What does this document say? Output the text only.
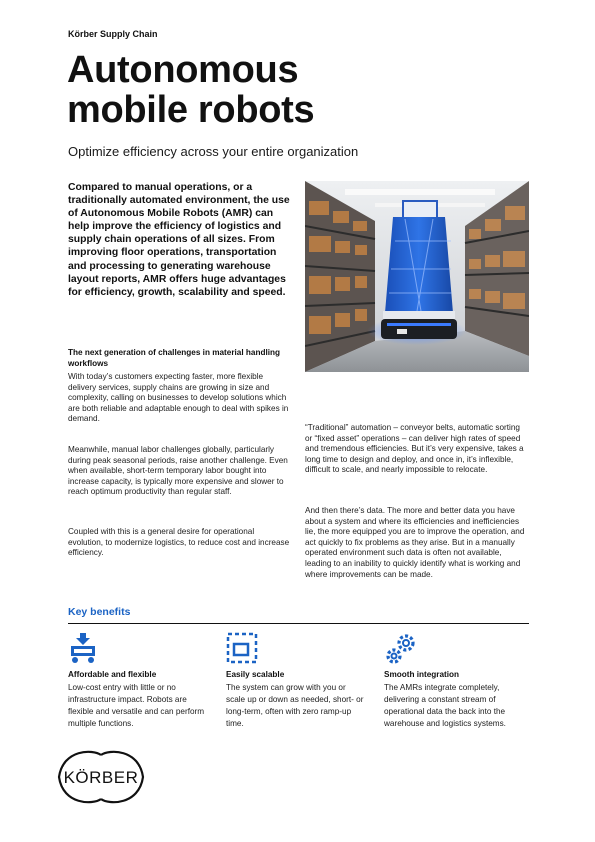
Körber Supply Chain
Autonomous
mobile robots
Optimize efficiency across your entire organization
Compared to manual operations, or a traditionally automated environment, the use of Autonomous Mobile Robots (AMR) can help improve the efficiency of logistics and supply chain operations of all sizes. From improving floor operations, transportation and processing to generating warehouse layout reports, AMR offers huge advantages for efficiency, growth, scalability and speed.
The next generation of challenges in material handling workflows
With today’s customers expecting faster, more flexible delivery services, supply chains are growing in size and complexity, calling on businesses to develop solutions which are both reliable and adaptable enough to deal with spikes in demand.
Meanwhile, manual labor challenges globally, particularly during peak seasonal periods, raise another challenge. Even when available, short-term temporary labor bought into increase capacity, is typically more expensive and slower to reach optimum productivity than regular staff.
Coupled with this is a general desire for operational evolution, to modernize logistics, to reduce cost and increase efficiency.
“Traditional” automation – conveyor belts, automatic sorting or “fixed asset” operations – can deliver high rates of speed and tremendous efficiencies. But it’s very expensive, takes a long time to design and deploy, and once in, it’s inflexible, difficult to scale, and nearly impossible to relocate.
And then there’s data. The more and better data you have about a system and where its efficiencies and inefficiencies lie, the more equipped you are to improve the operation, and act quickly to fix problems as they arise. But in a manually operated environment such data is often not available, leading to an inability to quickly identify what is working and where improvements can be made.
Key benefits
Affordable and flexible
Low-cost entry with little or no infrastructure impact. Robots are flexible and versatile and can perform multiple functions.
Easily scalable
The system can grow with you or scale up or down as needed, short- or long-term, often with zero ramp-up time.
Smooth integration
The AMRs integrate completely, delivering a constant stream of operational data the back into the warehouse and logistics systems.
KÖRBER
